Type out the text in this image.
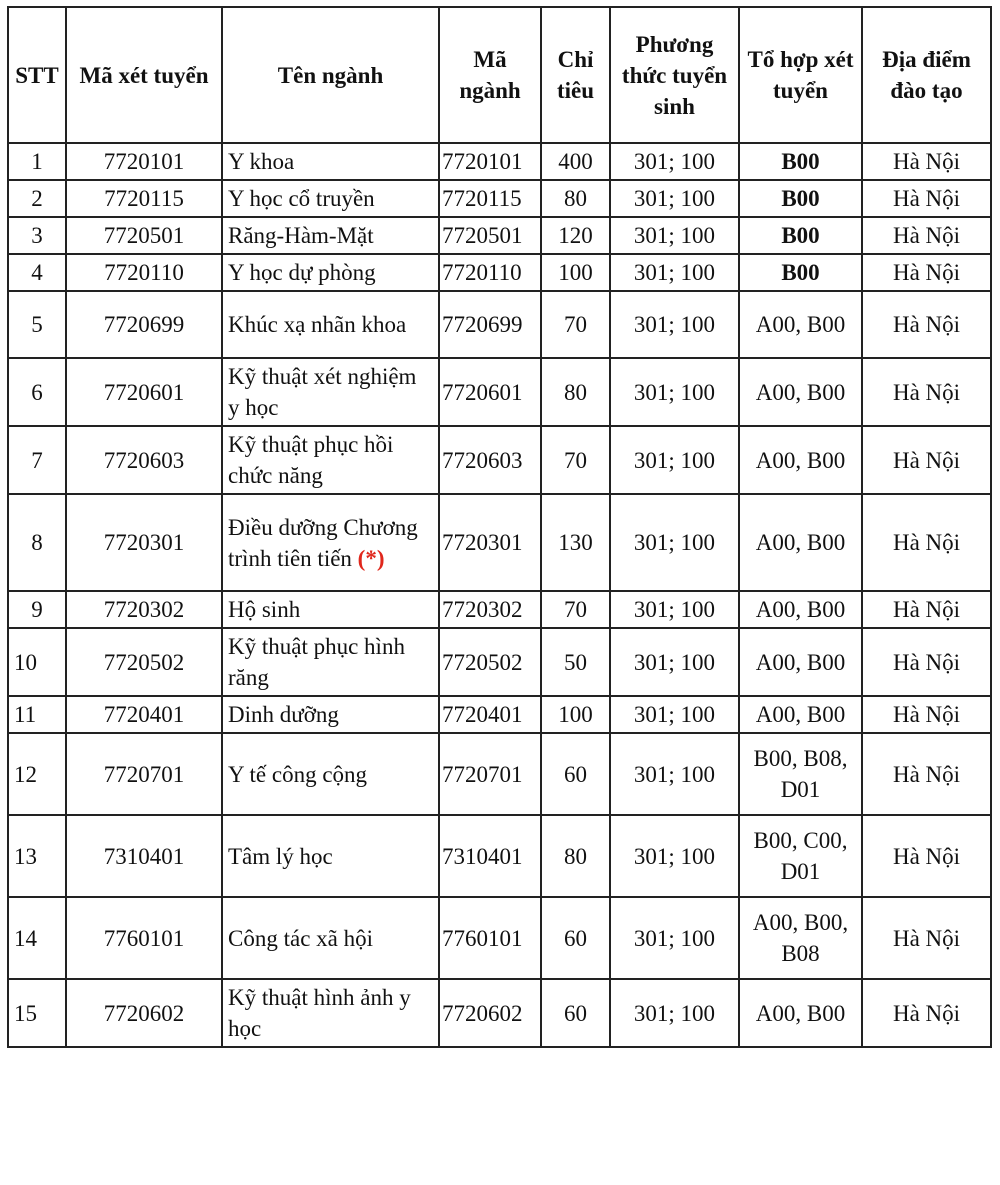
STT	Mã xét tuyển	Tên ngành	Mã ngành	Chỉ tiêu	Phương thức tuyển sinh	Tổ hợp xét tuyển	Địa điểm đào tạo
1	7720101	Y khoa	7720101	400	301; 100	B00	Hà Nội
2	7720115	Y học cổ truyền	7720115	80	301; 100	B00	Hà Nội
3	7720501	Răng-Hàm-Mặt	7720501	120	301; 100	B00	Hà Nội
4	7720110	Y học dự phòng	7720110	100	301; 100	B00	Hà Nội
5	7720699	Khúc xạ nhãn khoa	7720699	70	301; 100	A00, B00	Hà Nội
6	7720601	Kỹ thuật xét nghiệm y học	7720601	80	301; 100	A00, B00	Hà Nội
7	7720603	Kỹ thuật phục hồi chức năng	7720603	70	301; 100	A00, B00	Hà Nội
8	7720301	Điều dưỡng Chương trình tiên tiến (*)	7720301	130	301; 100	A00, B00	Hà Nội
9	7720302	Hộ sinh	7720302	70	301; 100	A00, B00	Hà Nội
10	7720502	Kỹ thuật phục hình răng	7720502	50	301; 100	A00, B00	Hà Nội
11	7720401	Dinh dưỡng	7720401	100	301; 100	A00, B00	Hà Nội
12	7720701	Y tế công cộng	7720701	60	301; 100	B00, B08, D01	Hà Nội
13	7310401	Tâm lý học	7310401	80	301; 100	B00, C00, D01	Hà Nội
14	7760101	Công tác xã hội	7760101	60	301; 100	A00, B00, B08	Hà Nội
15	7720602	Kỹ thuật hình ảnh y học	7720602	60	301; 100	A00, B00	Hà Nội
